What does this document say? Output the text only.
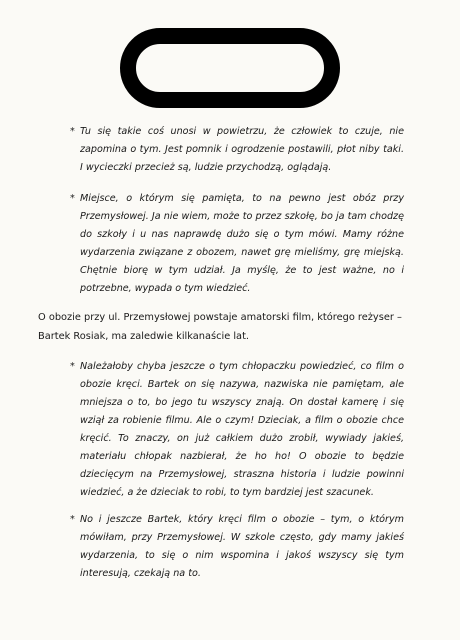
* Tu się takie coś unosi w powietrzu, że człowiek to czuje, nie zapomina o tym. Jest pomnik i ogrodzenie postawili, płot niby taki. I wycieczki przecież są, ludzie przychodzą, oglądają.
* Miejsce, o którym się pamięta, to na pewno jest obóz przy Przemysłowej. Ja nie wiem, może to przez szkołę, bo ja tam chodzę do szkoły i u nas naprawdę dużo się o tym mówi. Mamy różne wydarzenia związane z obozem, nawet grę mieliśmy, grę miejską. Chętnie biorę w tym udział. Ja myślę, że to jest ważne, no i potrzebne, wypada o tym wiedzieć.
* Należałoby chyba jeszcze o tym chłopaczku powiedzieć, co film o obozie kręci. Bartek on się nazywa, nazwiska nie pamiętam, ale mniejsza o to, bo jego tu wszyscy znają. On dostał kamerę i się wziął za robienie filmu. Ale o czym! Dzieciak, a film o obozie chce kręcić. To znaczy, on już całkiem dużo zrobił, wywiady jakieś, materiału chłopak nazbierał, że ho ho! O obozie to będzie dziecięcym na Przemysłowej, straszna historia i ludzie powinni wiedzieć, a że dzieciak to robi, to tym bardziej jest szacunek.
* No i jeszcze Bartek, który kręci film o obozie – tym, o którym mówiłam, przy Przemysłowej. W szkole często, gdy mamy jakieś wydarzenia, to się o nim wspomina i jakoś wszyscy się tym interesują, czekają na to.
O obozie przy ul. Przemysłowej powstaje amatorski film, którego reżyser – Bartek Rosiak, ma zaledwie kilkanaście lat.
